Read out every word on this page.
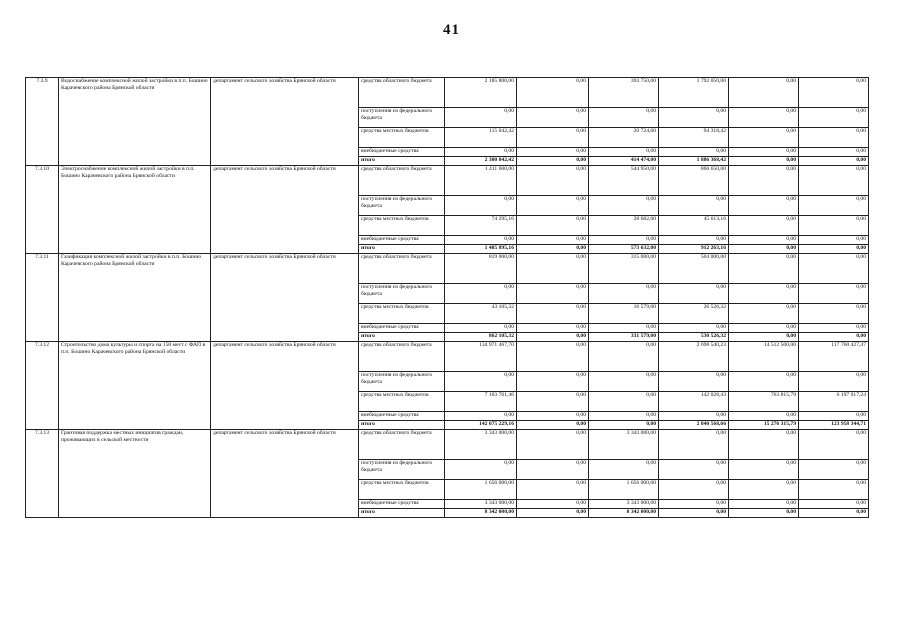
41
7.3.9	Водоснабжение комплексной жилой застройки в п.п. Бошино Карачевского района Брянской области	департамент сельского хозяйства Брянской области	средства областного бюджета	2 185 800,00	0,00	393 750,00	1 792 050,00	0,00	0,00
			поступления из федерального бюджета	0,00	0,00	0,00	0,00	0,00	0,00
			средства местных бюджетов	115 042,42	0,00	20 724,00	94 318,42	0,00	0,00
			внебюджетные средства	0,00	0,00	0,00	0,00	0,00	0,00
			итого	2 300 842,42	0,00	414 474,00	1 886 368,42	0,00	0,00
7.3.10	Электроснабжение комплексной жилой застройки в п.п. Бошино Карачевского района Брянской области	департамент сельского хозяйства Брянской области	средства областного бюджета	1 411 600,00	0,00	544 950,00	866 650,00	0,00	0,00
			поступления из федерального бюджета	0,00	0,00	0,00	0,00	0,00	0,00
			средства местных бюджетов	74 295,16	0,00	28 682,00	45 613,16	0,00	0,00
			внебюджетные средства	0,00	0,00	0,00	0,00	0,00	0,00
			итого	1 485 895,16	0,00	573 632,00	912 263,16	0,00	0,00
7.3.11	Газификация комплексной жилой застройки в п.п. Бошино Карачевского района Брянской области	департамент сельского хозяйства Брянской области	средства областного бюджета	819 000,00	0,00	315 000,00	504 000,00	0,00	0,00
			поступления из федерального бюджета	0,00	0,00	0,00	0,00	0,00	0,00
			средства местных бюджетов	43 105,32	0,00	16 579,00	26 526,32	0,00	0,00
			внебюджетные средства	0,00	0,00	0,00	0,00	0,00	0,00
			итого	862 105,32	0,00	331 579,00	530 526,32	0,00	0,00
7.3.12	Строительство дома культуры и спорта на 150 мест с ФАП в п.п. Бошино Карачевского района Брянской области	департамент сельского хозяйства Брянской области	средства областного бюджета	134 971 467,70	0,00	0,00	2 698 540,23	14 512 500,00	117 760 427,47
			поступления из федерального бюджета	0,00	0,00	0,00	0,00	0,00	0,00
			средства местных бюджетов	7 103 761,46	0,00	0,00	142 028,43	763 815,79	6 197 917,24
			внебюджетные средства	0,00	0,00	0,00	0,00	0,00	0,00
			итого	142 075 229,16	0,00	0,00	2 840 568,66	15 276 315,79	123 958 344,71
7.3.13	Грантовая поддержка местных инициатив граждан, проживающих в сельской местности	департамент сельского хозяйства Брянской области	средства областного бюджета	3 343 000,00	0,00	3 343 000,00	0,00	0,00	0,00
			поступления из федерального бюджета	0,00	0,00	0,00	0,00	0,00	0,00
			средства местных бюджетов	1 656 000,00	0,00	1 656 000,00	0,00	0,00	0,00
			внебюджетные средства	3 343 000,00	0,00	3 343 000,00	0,00	0,00	0,00
			итого	8 342 000,00	0,00	8 342 000,00	0,00	0,00	0,00
